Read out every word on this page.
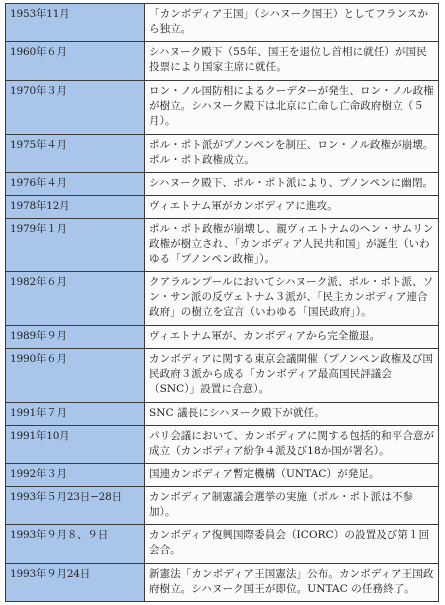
1953年11月	「カンボディア王国」（シハヌーク国王）としてフランスから独立。
1960年６月	シハヌーク殿下（55年、国王を退位し首相に就任）が国民投票により国家主席に就任。
1970年３月	ロン・ノル国防相によるクーデターが発生、ロン・ノル政権が樹立。シハヌーク殿下は北京に亡命し亡命政府樹立（５月）。
1975年４月	ポル・ポト派がプノンペンを制圧、ロン・ノル政権が崩壊。ポル・ポト政権成立。
1976年４月	シハヌーク殿下、ポル・ポト派により、プノンペンに幽閉。
1978年12月	ヴィエトナム軍がカンボディアに進攻。
1979年１月	ポル・ポト政権が崩壊し、親ヴィエトナムのヘン・サムリン政権が樹立され、「カンボディア人民共和国」が誕生（いわゆる「プノンペン政権」）。
1982年６月	クアラルンプールにおいてシハヌーク派、ポル・ポト派、ソン・サン派の反ヴェトナム３派が、「民主カンボディア連合政府」の樹立を宣言（いわゆる「国民政府」）。
1989年９月	ヴィエトナム軍が、カンボディアから完全撤退。
1990年６月	カンボディアに関する東京会議開催（プノンペン政権及び国民政府３派から成る「カンボディア最高国民評議会（SNC）」設置に合意）。
1991年７月	SNC 議長にシハヌーク殿下が就任。
1991年10月	パリ会議において、カンボディアに関する包括的和平合意が成立（カンボディア紛争４派及び18か国が署名）。
1992年３月	国連カンボディア暫定機構（UNTAC）が発足。
1993年５月23日−28日	カンボディア制憲議会選挙の実施（ポル・ポト派は不参加）。
1993年９月８、９日	カンボディア復興国際委員会（ICORC）の設置及び第１回会合。
1993年９月24日	新憲法「カンボディア王国憲法」公布。カンボディア王国政府樹立。シハヌーク国王が即位。UNTAC の任務終了。
